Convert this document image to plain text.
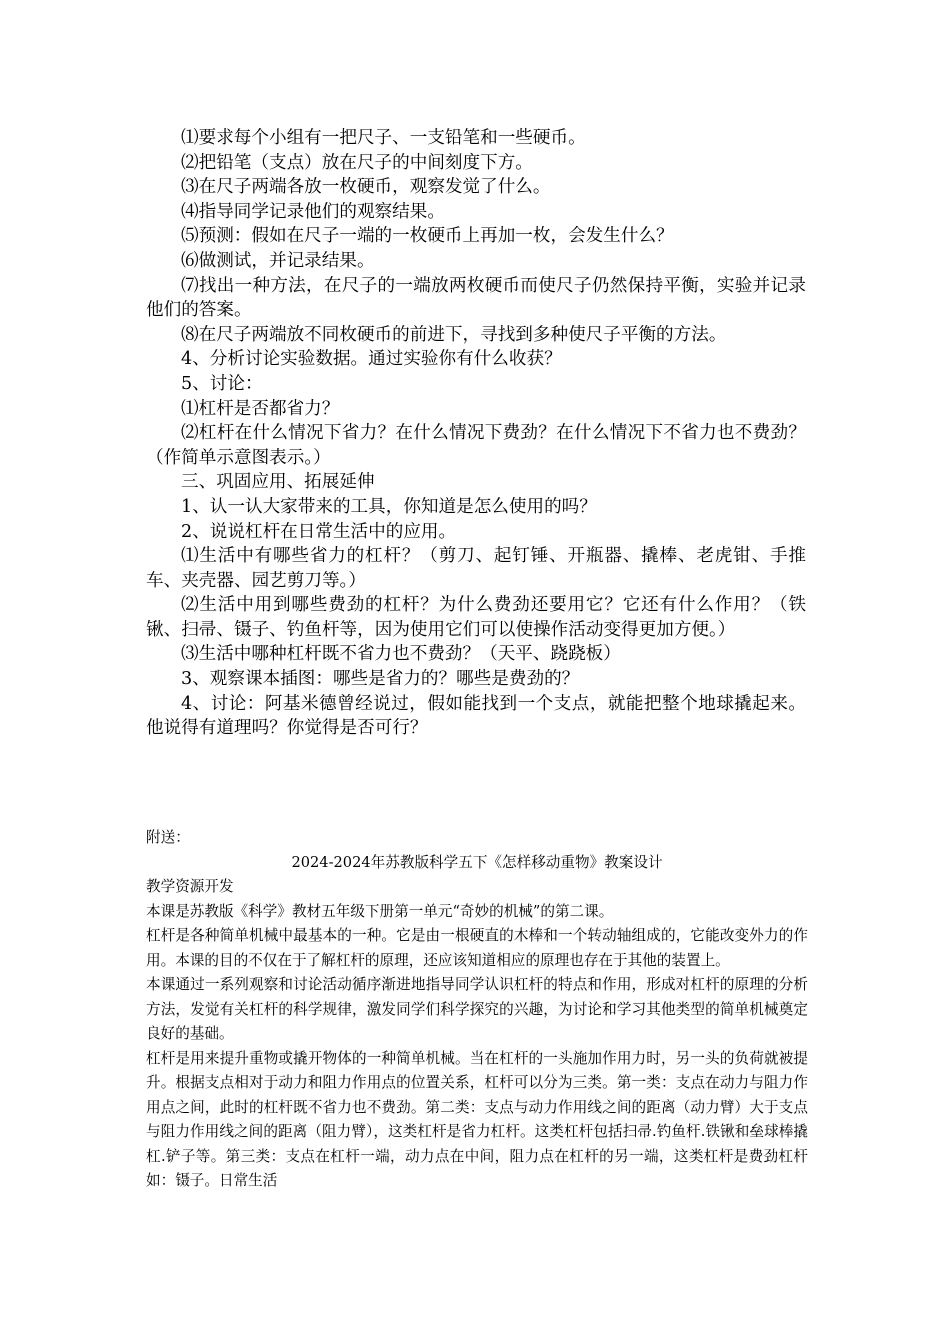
⑴要求每个小组有一把尺子、一支铅笔和一些硬币。

⑵把铅笔（支点）放在尺子的中间刻度下方。

⑶在尺子两端各放一枚硬币，观察发觉了什么。

⑷指导同学记录他们的观察结果。

⑸预测：假如在尺子一端的一枚硬币上再加一枚，会发生什么？

⑹做测试，并记录结果。

⑺找出一种方法，在尺子的一端放两枚硬币而使尺子仍然保持平衡，实验并记录他们的答案。

⑻在尺子两端放不同枚硬币的前进下，寻找到多种使尺子平衡的方法。

4、分析讨论实验数据。通过实验你有什么收获？

5、讨论：

⑴杠杆是否都省力？

⑵杠杆在什么情况下省力？在什么情况下费劲？在什么情况下不省力也不费劲？（作简单示意图表示。）

三、巩固应用、拓展延伸

1、认一认大家带来的工具，你知道是怎么使用的吗？

2、说说杠杆在日常生活中的应用。

⑴生活中有哪些省力的杠杆？（剪刀、起钉锤、开瓶器、撬棒、老虎钳、手推车、夹壳器、园艺剪刀等。）

⑵生活中用到哪些费劲的杠杆？为什么费劲还要用它？它还有什么作用？（铁锹、扫帚、镊子、钓鱼杆等，因为使用它们可以使操作活动变得更加方便。）

⑶生活中哪种杠杆既不省力也不费劲？（天平、跷跷板）

3、观察课本插图：哪些是省力的？哪些是费劲的？

4、讨论：阿基米德曾经说过，假如能找到一个支点，就能把整个地球撬起来。他说得有道理吗？你觉得是否可行？

附送：

2024-2024年苏教版科学五下《怎样移动重物》教案设计

教学资源开发

本课是苏教版《科学》教材五年级下册第一单元“奇妙的机械”的第二课。

杠杆是各种简单机械中最基本的一种。它是由一根硬直的木棒和一个转动轴组成的，它能改变外力的作用。本课的目的不仅在于了解杠杆的原理，还应该知道相应的原理也存在于其他的装置上。

本课通过一系列观察和讨论活动循序渐进地指导同学认识杠杆的特点和作用，形成对杠杆的原理的分析方法，发觉有关杠杆的科学规律，激发同学们科学探究的兴趣，为讨论和学习其他类型的简单机械奠定良好的基础。

杠杆是用来提升重物或撬开物体的一种简单机械。当在杠杆的一头施加作用力时，另一头的负荷就被提升。根据支点相对于动力和阻力作用点的位置关系，杠杆可以分为三类。第一类：支点在动力与阻力作用点之间，此时的杠杆既不省力也不费劲。第二类：支点与动力作用线之间的距离（动力臂）大于支点与阻力作用线之间的距离（阻力臂），这类杠杆是省力杠杆。这类杠杆包括扫帚.钓鱼杆.铁锹和垒球棒撬杠.铲子等。第三类：支点在杠杆一端，动力点在中间，阻力点在杠杆的另一端，这类杠杆是费劲杠杆如：镊子。日常生活
